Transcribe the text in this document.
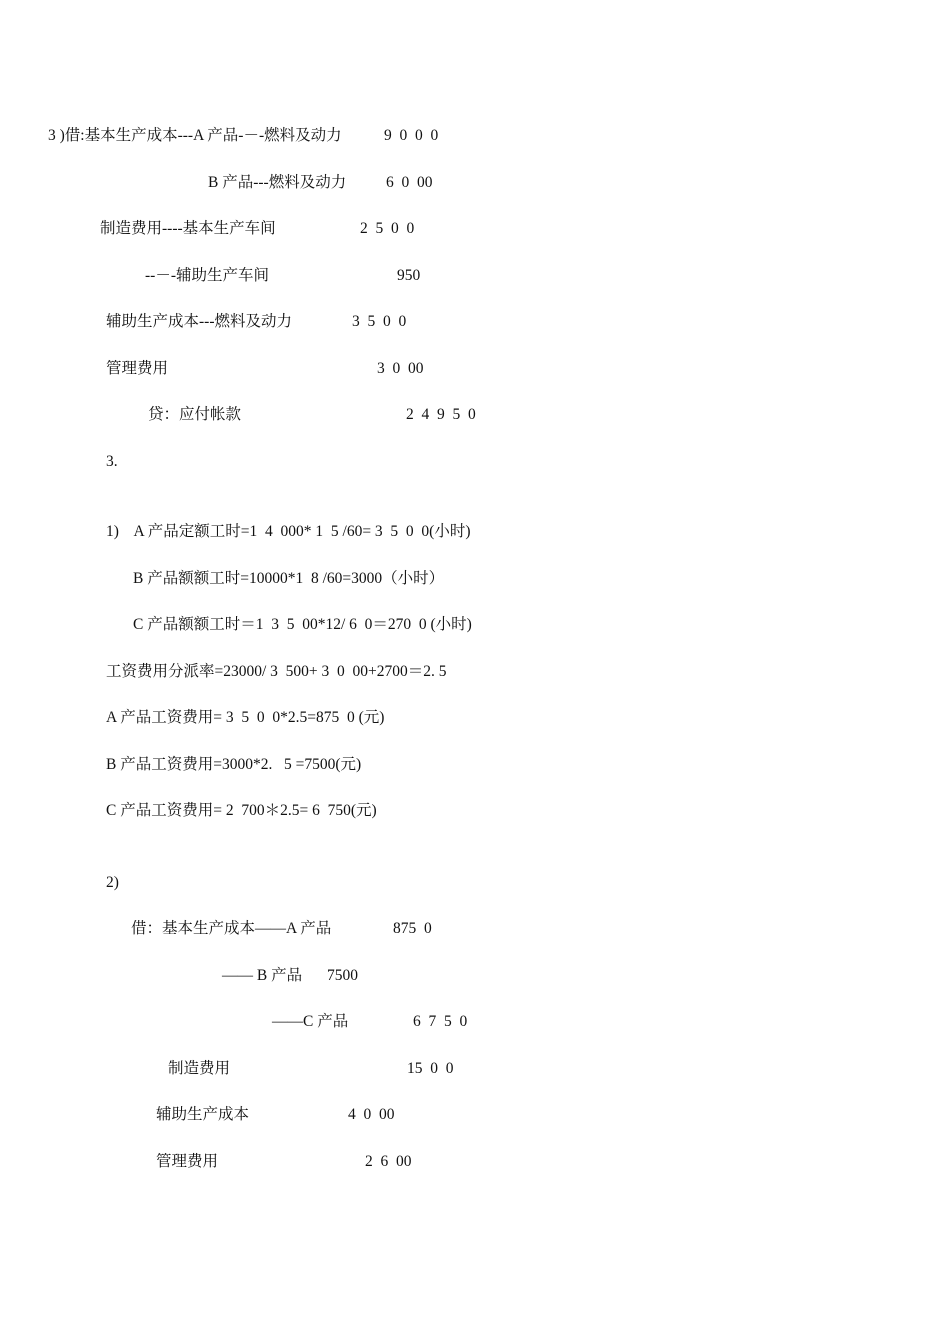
3 )借:基本生产成本---A 产品-－-燃料及动力	9  0  0  0
B 产品---燃料及动力	6  0  00
制造费用----基本生产车间	2  5  0  0
--－-辅助生产车间	950
辅助生产成本---燃料及动力	3  5  0  0
管理费用	3  0  00
贷：应付帐款	2  4  9  5  0
3.
1)    A 产品定额工时=1  4  000* 1  5 /60= 3  5  0  0(小时)
B 产品额额工时=10000*1  8 /60=3000（小时）
C 产品额额工时＝1  3  5  00*12/ 6  0＝270  0 (小时)
工资费用分派率=23000/ 3  500+ 3  0  00+2700＝2. 5
A 产品工资费用= 3  5  0  0*2.5=875  0 (元)
B 产品工资费用=3000*2.   5 =7500(元)
C 产品工资费用= 2  700＊2.5= 6  750(元)
2)
借：基本生产成本——A 产品	875  0
—— B 产品 7500
——C 产品	6  7  5  0
制造费用	15  0  0
辅助生产成本	4  0  00
管理费用	2  6  00
